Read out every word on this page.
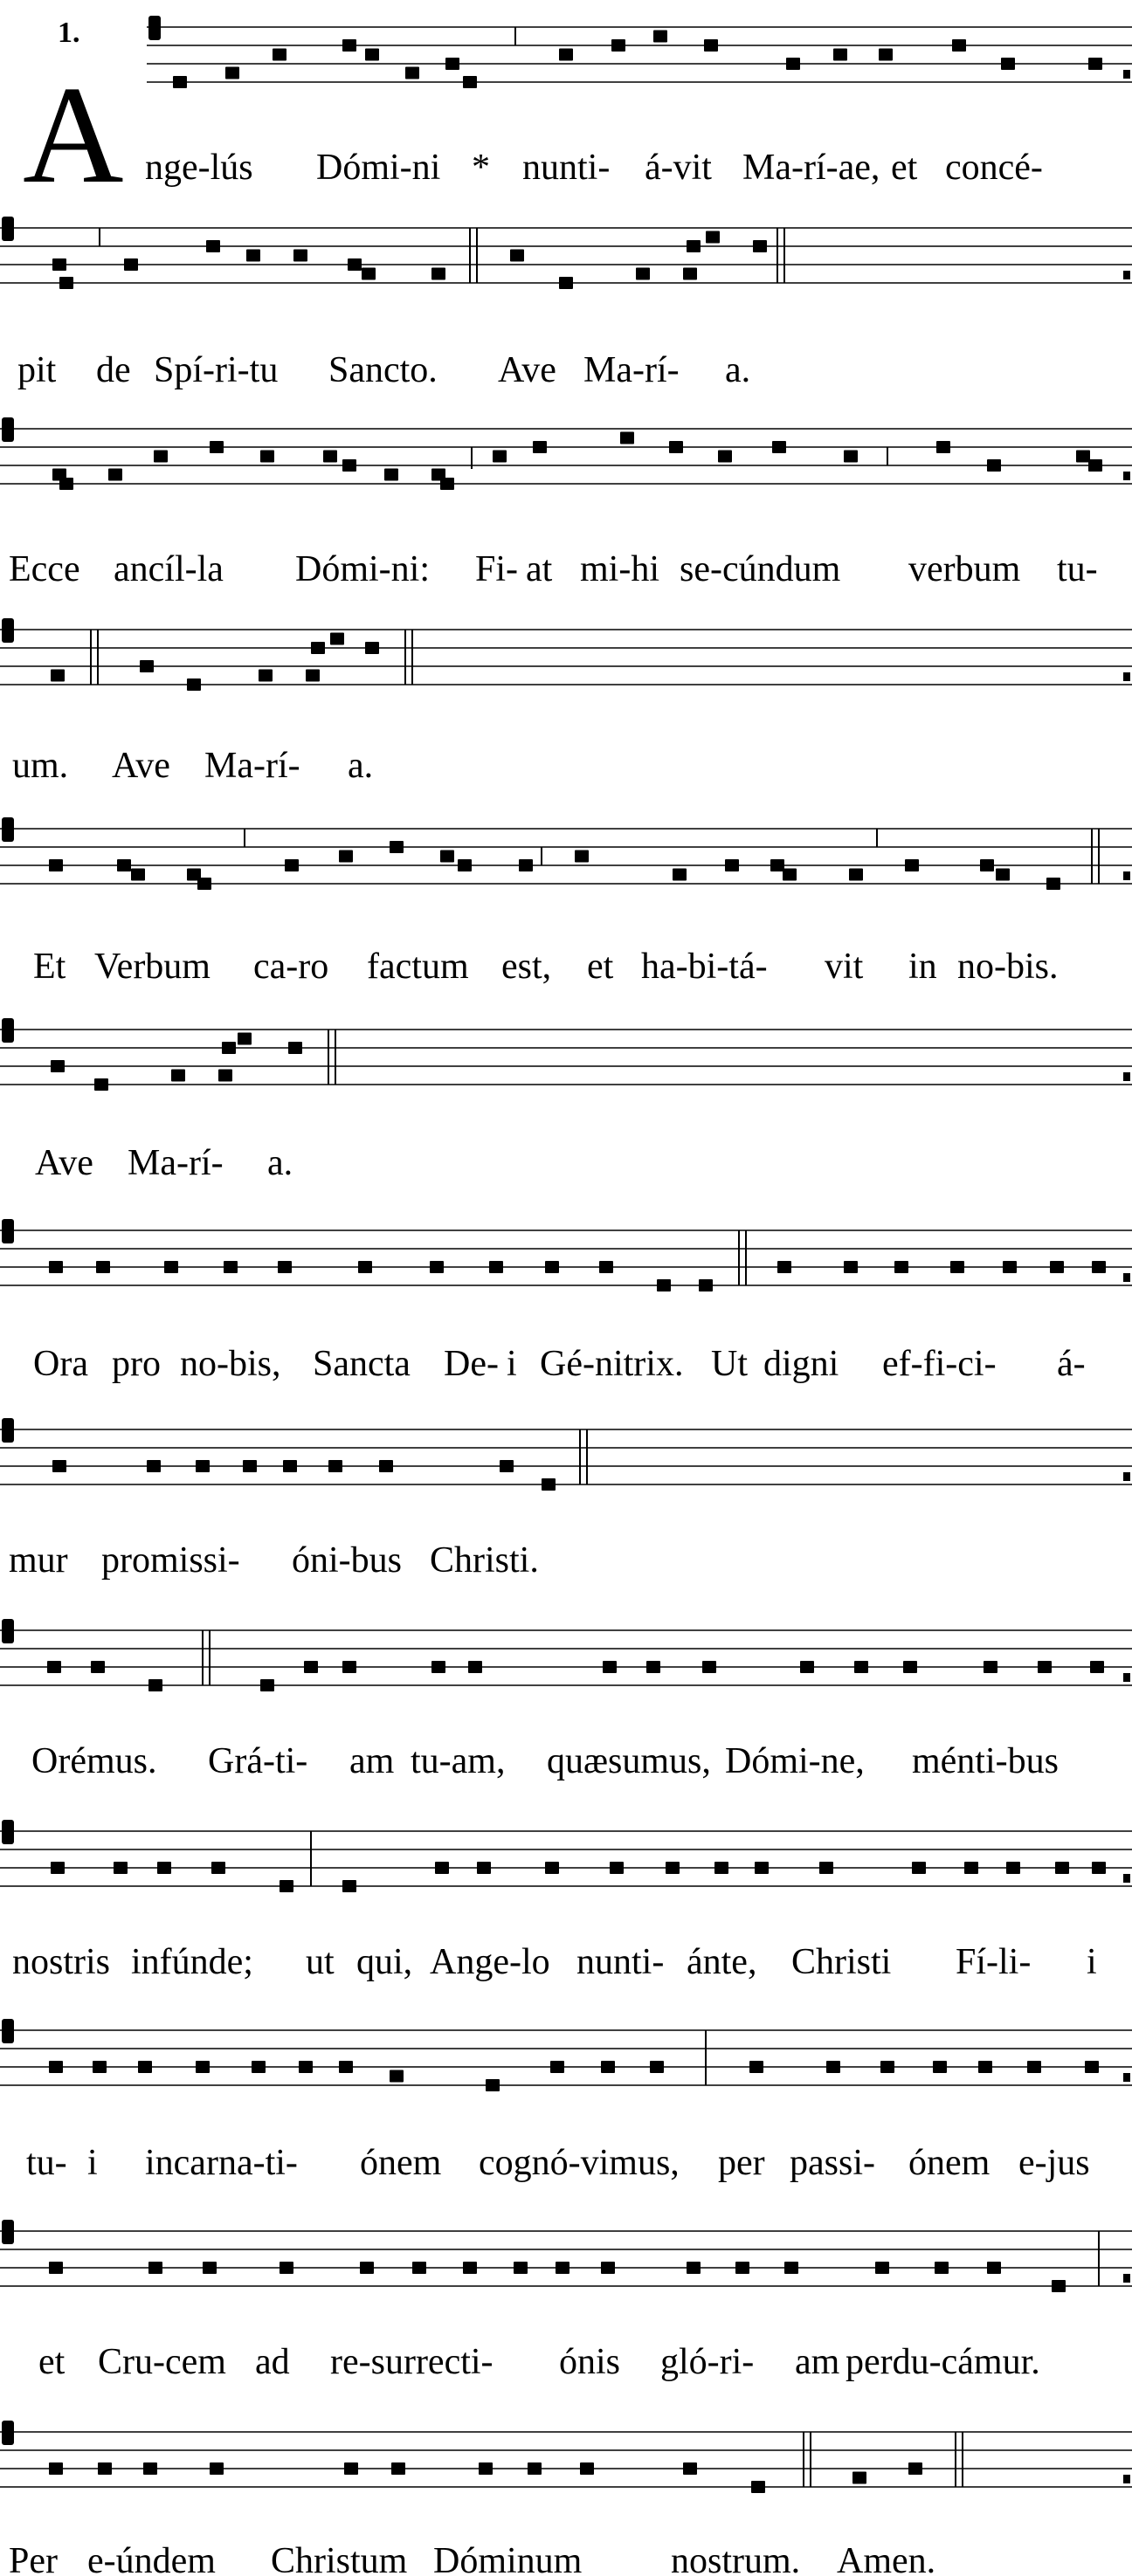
1.
A nge-lús Dómi-ni * nunti- á-vit Ma-rí-ae, et concé-
pit de Spí-ri-tu Sancto. Ave Ma-rí- a.
Ecce ancíl-la Dómi-ni: Fi- at mi-hi se-cúndum verbum tu-
um. Ave Ma-rí- a.
Et Verbum ca-ro factum est, et ha-bi-tá- vit in no-bis.
Ave Ma-rí- a.
Ora pro no-bis, Sancta De- i Gé-nitrix. Ut digni ef-fi-ci- á-
mur promissi- óni-bus Christi.
Orémus. Grá-ti- am tu-am, quæsumus, Dómi-ne, ménti-bus
nostris infúnde; ut qui, Ange-lo nunti- ánte, Christi Fí-li- i
tu- i incarna-ti- ónem cognó-vimus, per passi- ónem e-jus
et Cru-cem ad re-surrecti- ónis gló-ri- am perdu-cámur.
Per e-úndem Christum Dóminum nostrum. Amen.
